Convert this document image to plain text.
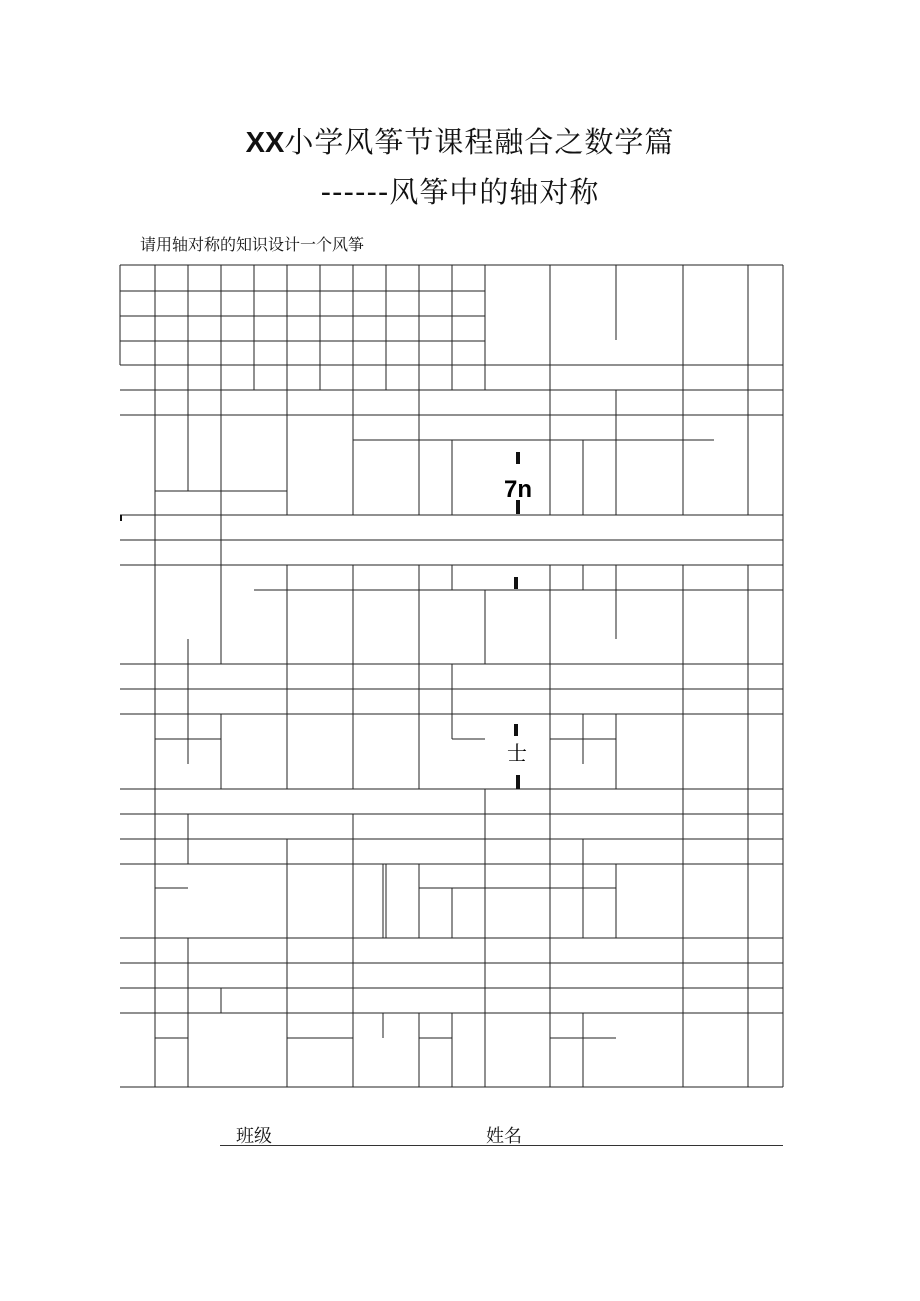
XX小学风筝节课程融合之数学篇
------风筝中的轴对称
请用轴对称的知识设计一个风筝
7n
士
班级	姓名
